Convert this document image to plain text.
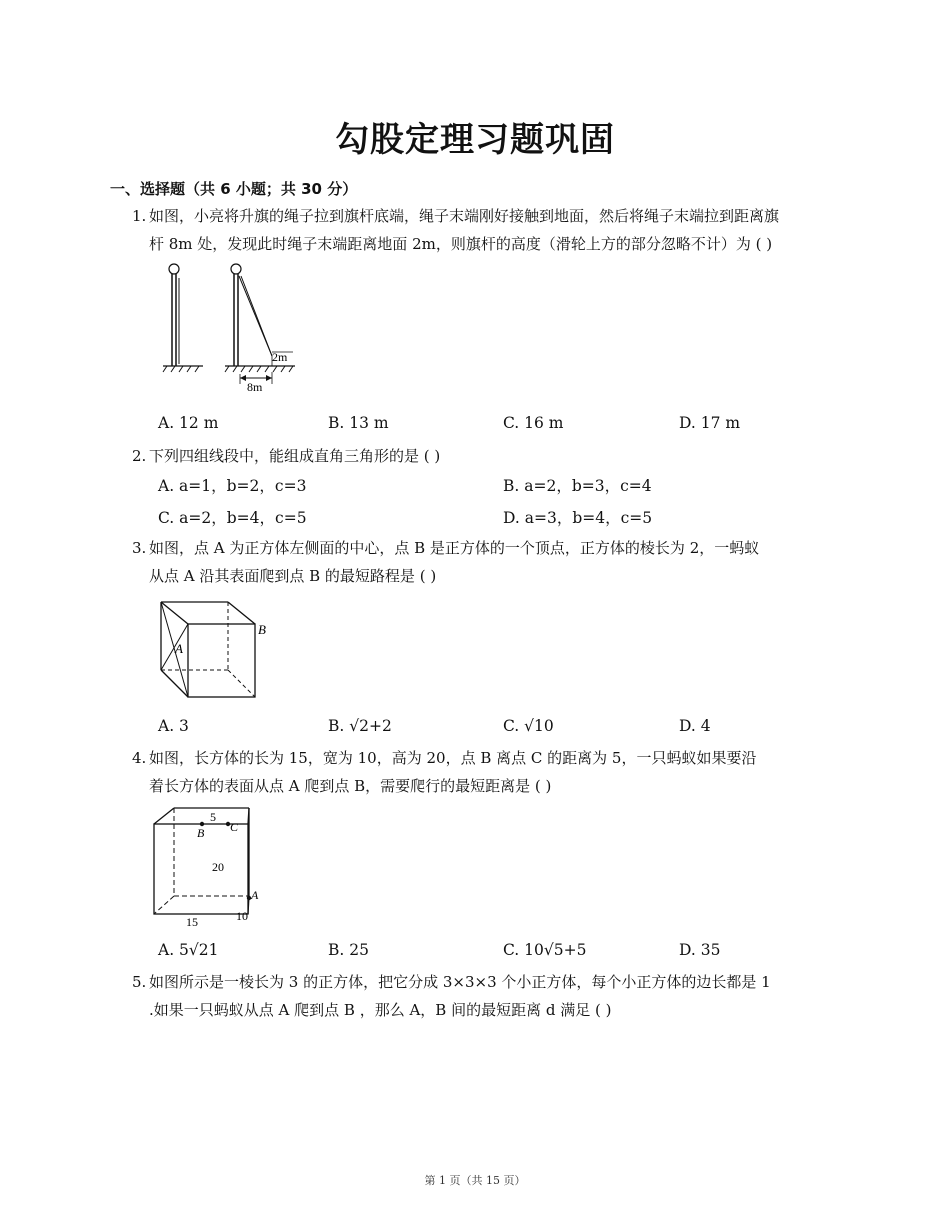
勾股定理习题巩固
一、选择题（共 6 小题；共 30 分）
1. 如图，小亮将升旗的绳子拉到旗杆底端，绳子末端刚好接触到地面，然后将绳子末端拉到距离旗
杆 8m 处，发现此时绳子末端距离地面 2m，则旗杆的高度（滑轮上方的部分忽略不计）为 ( )
2m
8m
A. 12 m	B. 13 m	C. 16 m	D. 17 m
2. 下列四组线段中，能组成直角三角形的是 ( )
A. a=1，b=2，c=3	B. a=2，b=3，c=4
C. a=2，b=4，c=5	D. a=3，b=4，c=5
3. 如图，点 A 为正方体左侧面的中心，点 B 是正方体的一个顶点，正方体的棱长为 2，一蚂蚁
从点 A 沿其表面爬到点 B 的最短路程是 ( )
A
B
A. 3	B. √2+2	C. √10	D. 4
4. 如图，长方体的长为 15，宽为 10，高为 20，点 B 离点 C 的距离为 5，一只蚂蚁如果要沿
着长方体的表面从点 A 爬到点 B，需要爬行的最短距离是 ( )
5
B C
20
A
15	10
A. 5√21	B. 25	C. 10√5+5	D. 35
5. 如图所示是一棱长为 3 的正方体，把它分成 3×3×3 个小正方体，每个小正方体的边长都是 1
.如果一只蚂蚁从点 A 爬到点 B ，那么 A，B 间的最短距离 d 满足 ( )
第 1 页（共 15 页）
